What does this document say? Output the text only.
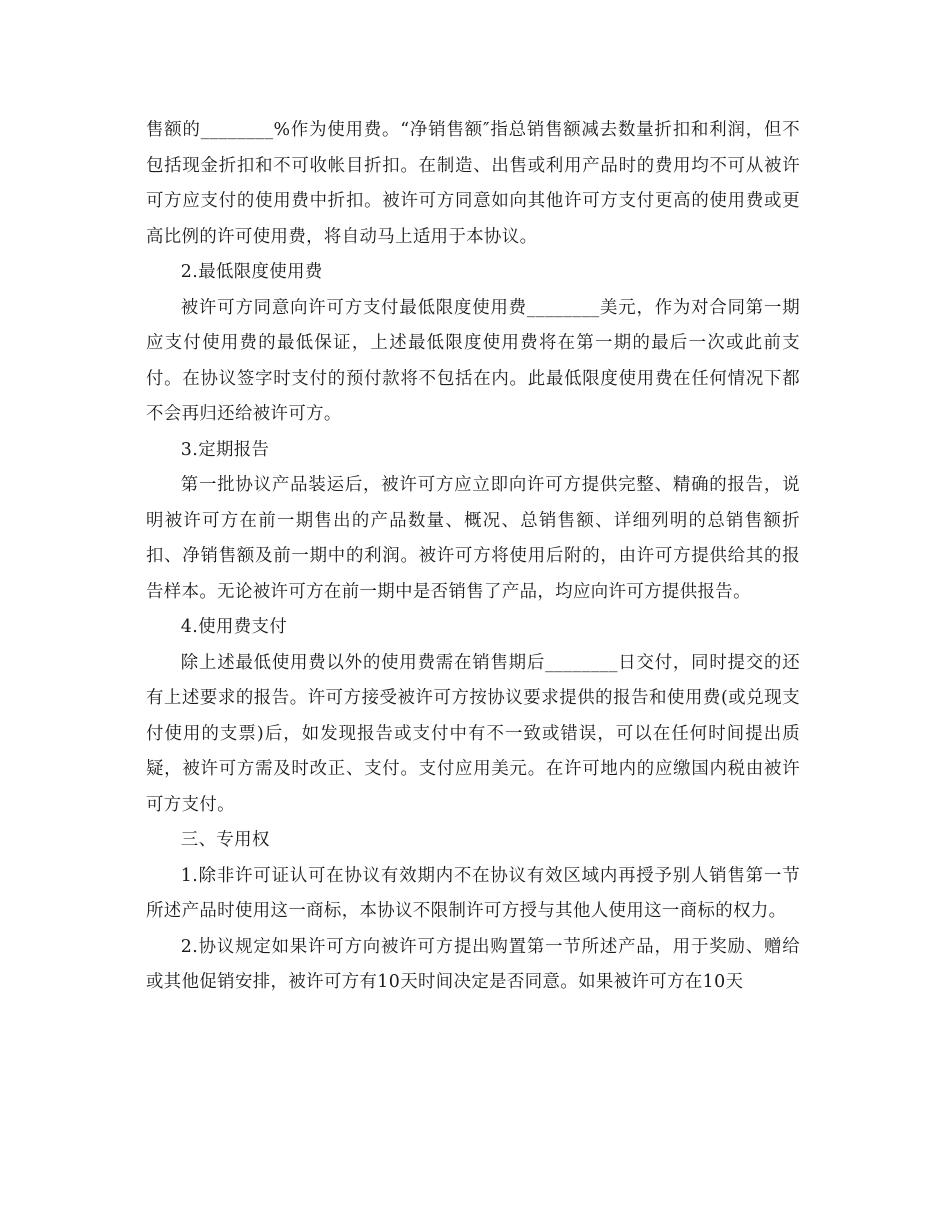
售额的________%作为使用费。“净销售额″指总销售额减去数量折扣和利润，但不包括现金折扣和不可收帐目折扣。在制造、出售或利用产品时的费用均不可从被许可方应支付的使用费中折扣。被许可方同意如向其他许可方支付更高的使用费或更高比例的许可使用费，将自动马上适用于本协议。

2.最低限度使用费

被许可方同意向许可方支付最低限度使用费________美元，作为对合同第一期应支付使用费的最低保证，上述最低限度使用费将在第一期的最后一次或此前支付。在协议签字时支付的预付款将不包括在内。此最低限度使用费在任何情况下都不会再归还给被许可方。

3.定期报告

第一批协议产品装运后，被许可方应立即向许可方提供完整、精确的报告，说明被许可方在前一期售出的产品数量、概况、总销售额、详细列明的总销售额折扣、净销售额及前一期中的利润。被许可方将使用后附的，由许可方提供给其的报告样本。无论被许可方在前一期中是否销售了产品，均应向许可方提供报告。

4.使用费支付

除上述最低使用费以外的使用费需在销售期后________日交付，同时提交的还有上述要求的报告。许可方接受被许可方按协议要求提供的报告和使用费(或兑现支付使用的支票)后，如发现报告或支付中有不一致或错误，可以在任何时间提出质疑，被许可方需及时改正、支付。支付应用美元。在许可地内的应缴国内税由被许可方支付。

三、专用权

1.除非许可证认可在协议有效期内不在协议有效区域内再授予别人销售第一节所述产品时使用这一商标，本协议不限制许可方授与其他人使用这一商标的权力。

2.协议规定如果许可方向被许可方提出购置第一节所述产品，用于奖励、赠给或其他促销安排，被许可方有10天时间决定是否同意。如果被许可方在10天
